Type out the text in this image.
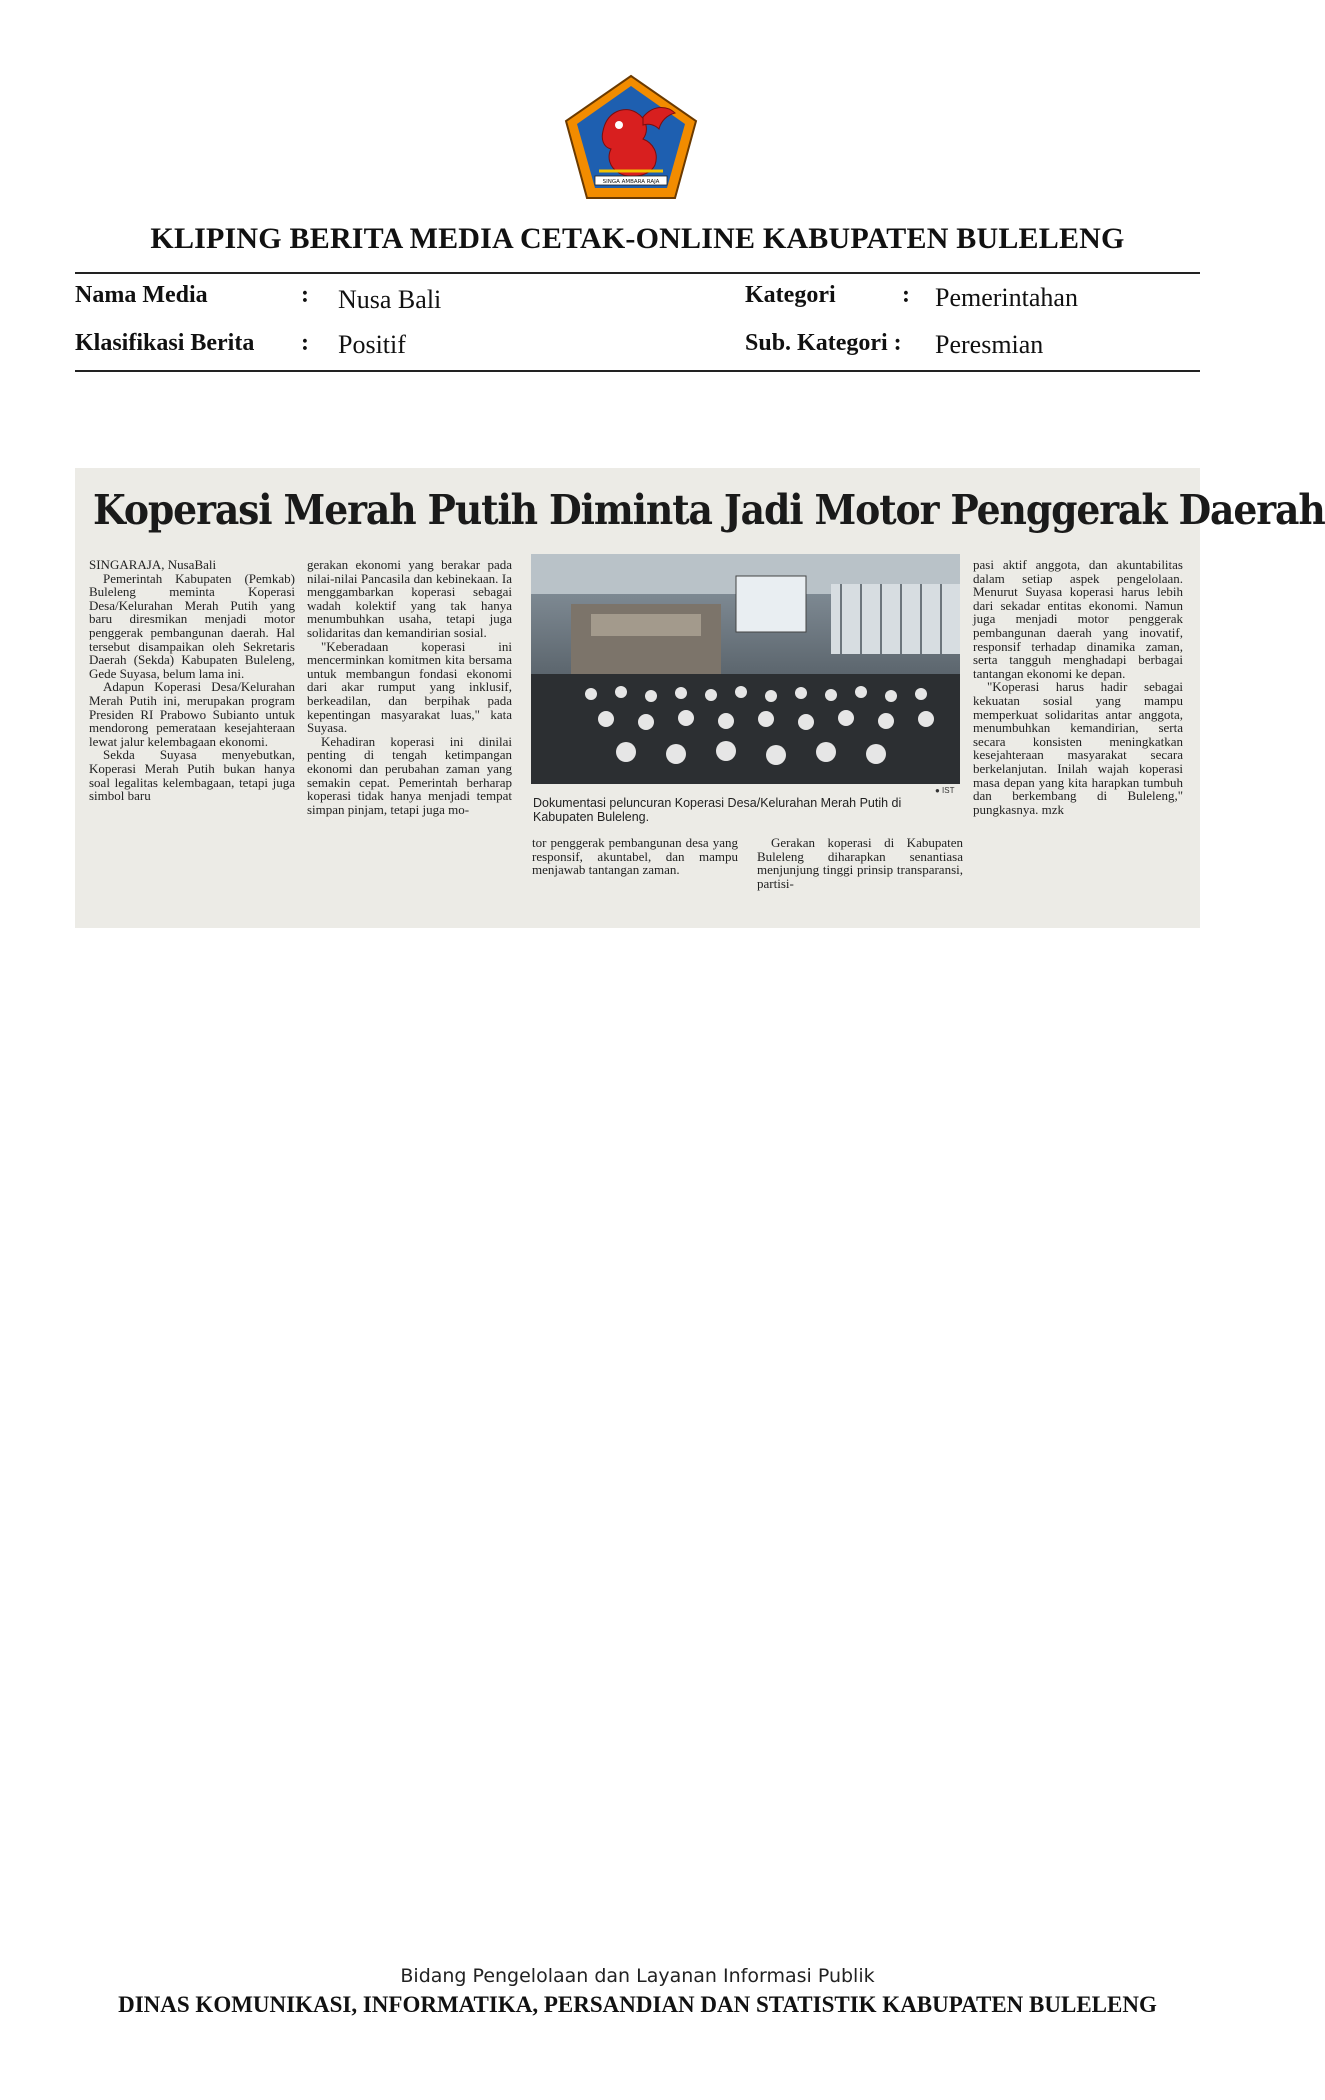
SINGA AMBARA RAJA
KLIPING BERITA MEDIA CETAK-ONLINE KABUPATEN BULELENG
Nama Media	: Nusa Bali
Klasifikasi Berita : Positif
Kategori	: Pemerintahan
Sub. Kategori : Peresmian
Koperasi Merah Putih Diminta Jadi Motor Penggerak Daerah

SINGARAJA, NusaBali

Pemerintah Kabupaten (Pemkab) Buleleng meminta Koperasi Desa/Kelurahan Merah Putih yang baru diresmikan menjadi motor penggerak pembangunan daerah. Hal tersebut disampaikan oleh Sekretaris Daerah (Sekda) Kabupaten Buleleng, Gede Suyasa, belum lama ini.

Adapun Koperasi Desa/Kelurahan Merah Putih ini, merupakan program Presiden RI Prabowo Subianto untuk mendorong pemerataan kesejahteraan lewat jalur kelembagaan ekonomi.

Sekda Suyasa menyebutkan, Koperasi Merah Putih bukan hanya soal legalitas kelembagaan, tetapi juga simbol baru

gerakan ekonomi yang berakar pada nilai-nilai Pancasila dan kebinekaan. Ia menggambarkan koperasi sebagai wadah kolektif yang tak hanya menumbuhkan usaha, tetapi juga solidaritas dan kemandirian sosial.

"Keberadaan koperasi ini mencerminkan komitmen kita bersama untuk membangun fondasi ekonomi dari akar rumput yang inklusif, berkeadilan, dan berpihak pada kepentingan masyarakat luas," kata Suyasa.

Kehadiran koperasi ini dinilai penting di tengah ketimpangan ekonomi dan perubahan zaman yang semakin cepat. Pemerintah berharap koperasi tidak hanya menjadi tempat simpan pinjam, tetapi juga mo-

● IST
Dokumentasi peluncuran Koperasi Desa/Kelurahan Merah Putih di Kabupaten Buleleng.

tor penggerak pembangunan desa yang responsif, akuntabel, dan mampu menjawab tantangan zaman.

Gerakan koperasi di Kabupaten Buleleng diharapkan senantiasa menjunjung tinggi prinsip transparansi, partisi-

pasi aktif anggota, dan akuntabilitas dalam setiap aspek pengelolaan. Menurut Suyasa koperasi harus lebih dari sekadar entitas ekonomi. Namun juga menjadi motor penggerak pembangunan daerah yang inovatif, responsif terhadap dinamika zaman, serta tangguh menghadapi berbagai tantangan ekonomi ke depan.

"Koperasi harus hadir sebagai kekuatan sosial yang mampu memperkuat solidaritas antar anggota, menumbuhkan kemandirian, serta secara konsisten meningkatkan kesejahteraan masyarakat secara berkelanjutan. Inilah wajah koperasi masa depan yang kita harapkan tumbuh dan berkembang di Buleleng," pungkasnya. mzk

Bidang Pengelolaan dan Layanan Informasi Publik
DINAS KOMUNIKASI, INFORMATIKA, PERSANDIAN DAN STATISTIK KABUPATEN BULELENG
